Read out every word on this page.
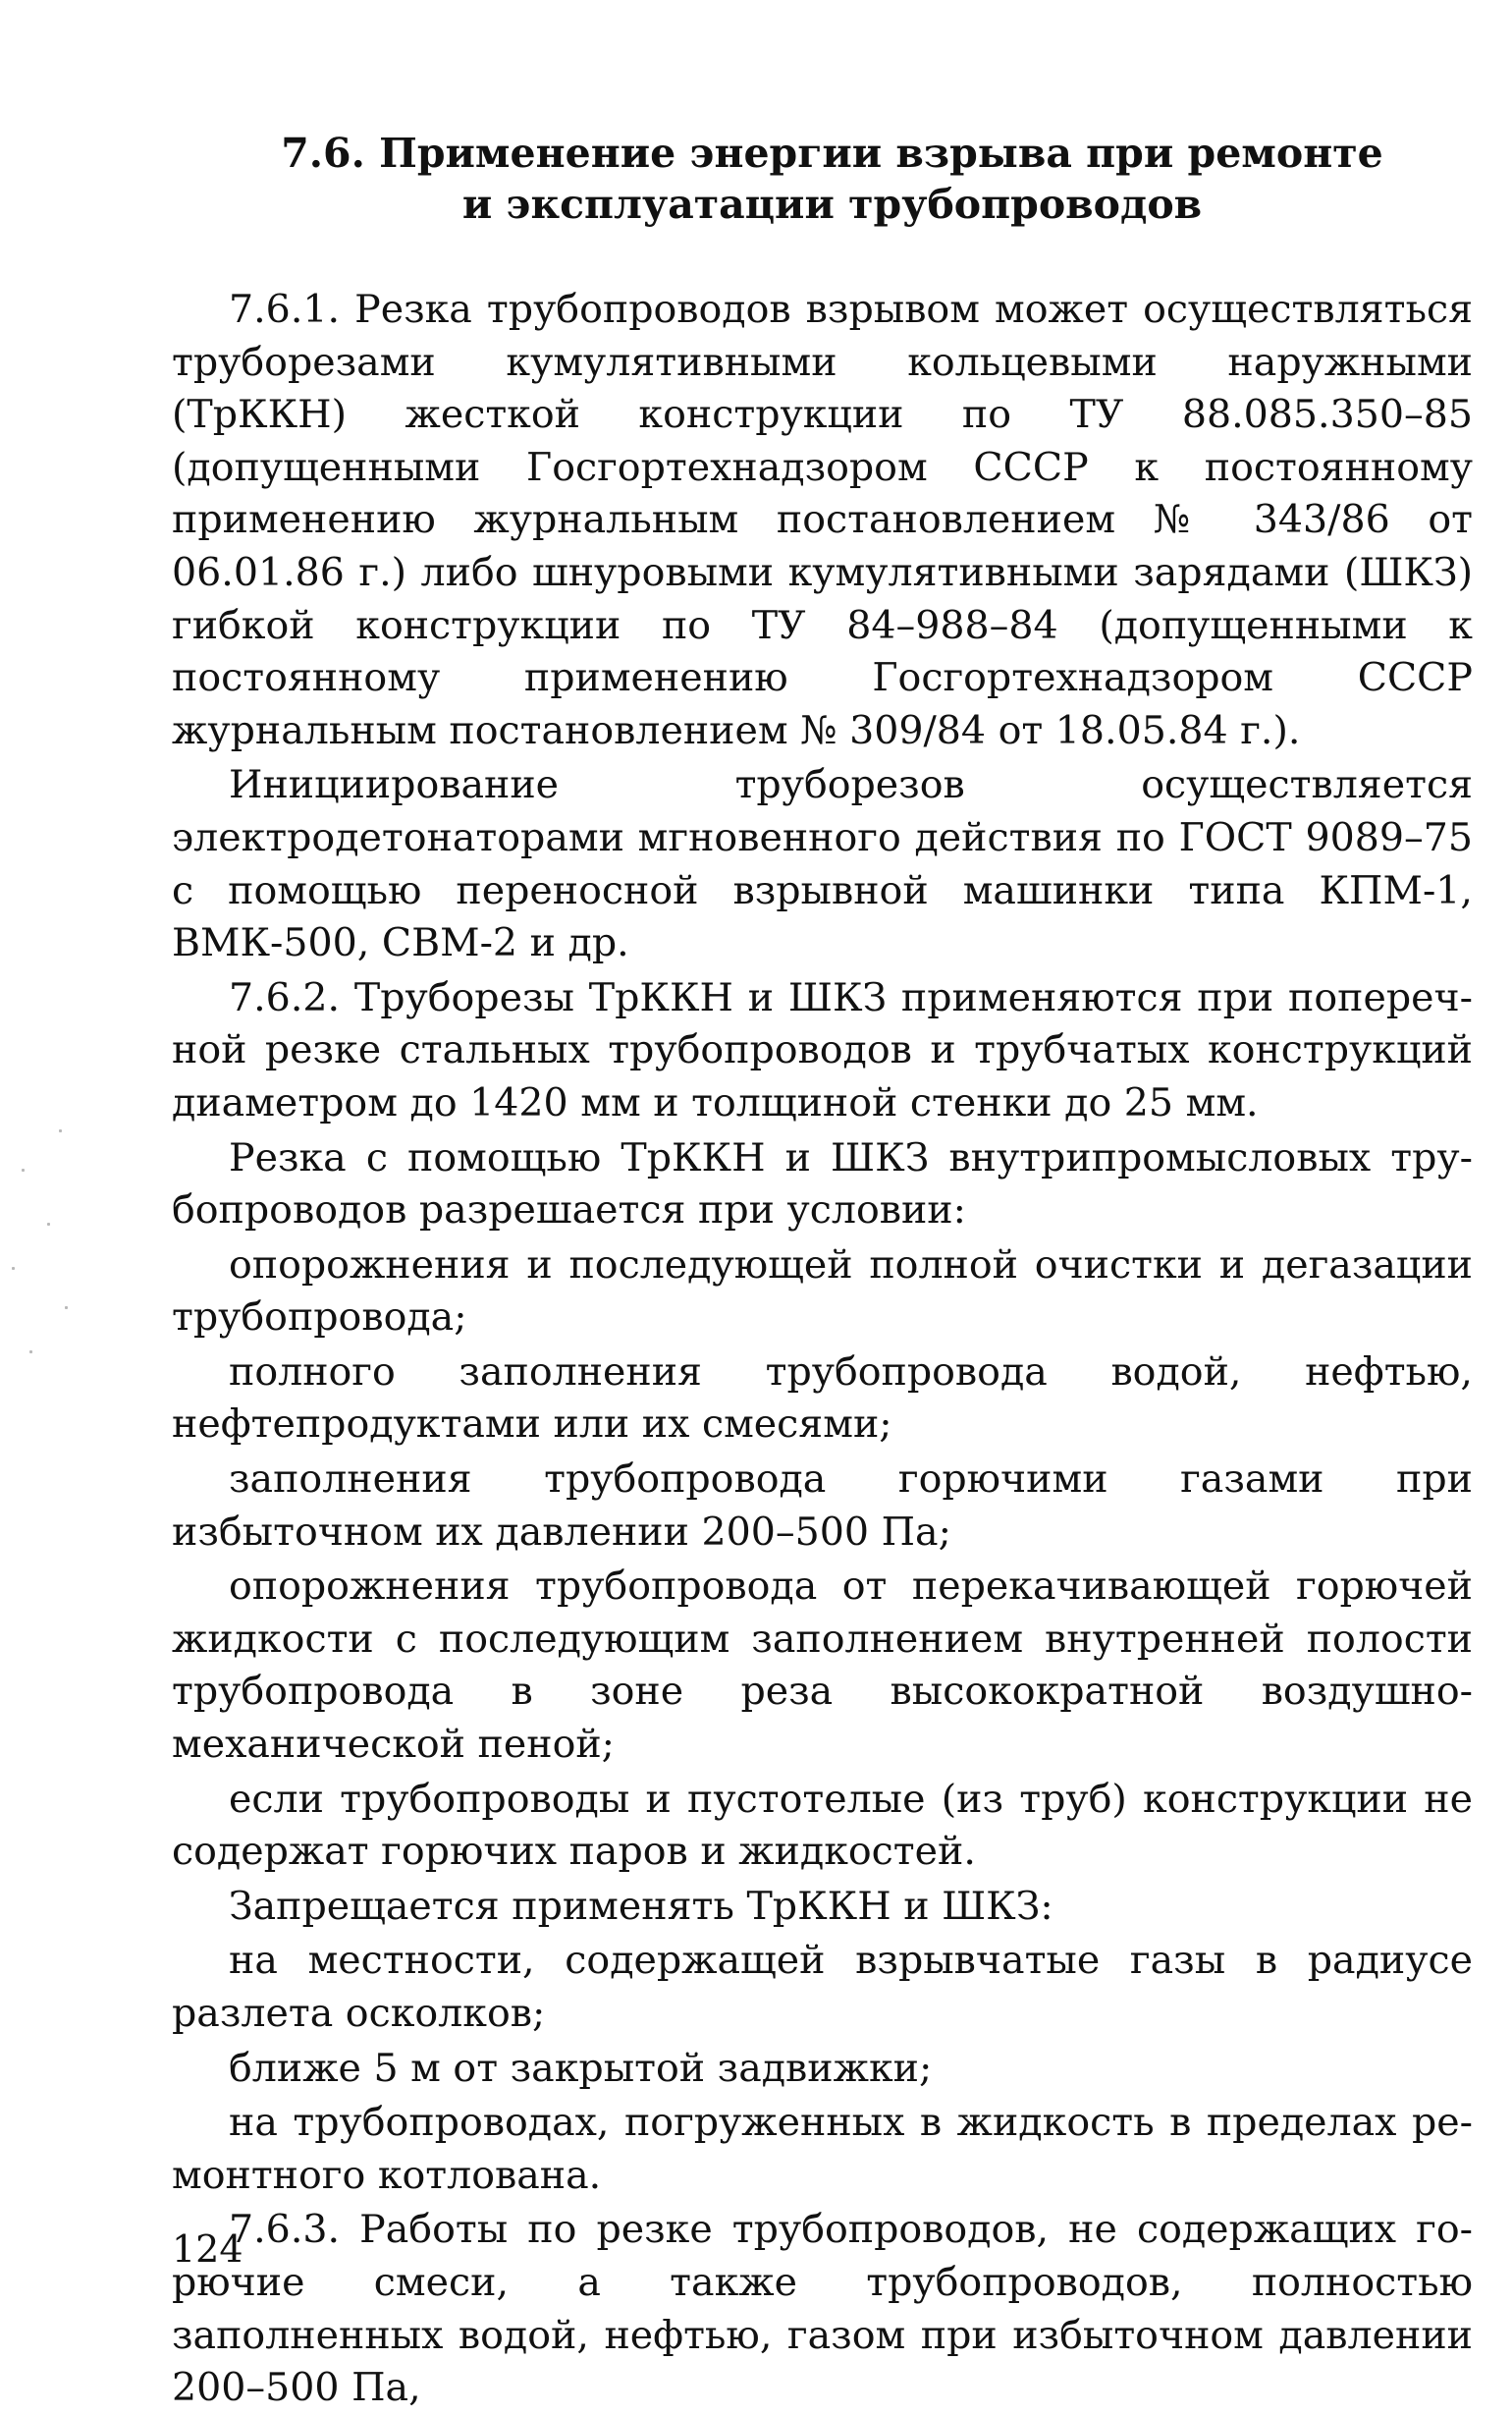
7.6. Применение энергии взрыва при ремонте
и эксплуатации трубопроводов

7.6.1. Резка трубопроводов взрывом может осуществляться труборезами кумулятивными кольцевыми наружными (ТрККН) жесткой конструкции по ТУ 88.085.350–85 (допущенными Госгортехнадзором СССР к постоянному применению журнальным постановлением № 343/86 от 06.01.86 г.) либо шнуровыми кумулятивными зарядами (ШКЗ) гибкой конструкции по ТУ 84–988–84 (допущенными к постоянному применению Госгортехнадзором СССР журнальным постановлением № 309/84 от 18.05.84 г.).

Инициирование труборезов осуществляется электродетонаторами мгновенного действия по ГОСТ 9089–75 с помощью переносной взрывной машинки типа КПМ-1, ВМК-500, СВМ-2 и др.

7.6.2. Труборезы ТрККН и ШКЗ применяются при поперечной резке стальных трубопроводов и трубчатых конструкций диаметром до 1420 мм и толщиной стенки до 25 мм.

Резка с помощью ТрККН и ШКЗ внутрипромысловых трубопроводов разрешается при условии:

опорожнения и последующей полной очистки и дегазации трубопровода;

полного заполнения трубопровода водой, нефтью, нефтепродуктами или их смесями;

заполнения трубопровода горючими газами при избыточном их давлении 200–500 Па;

опорожнения трубопровода от перекачивающей горючей жидкости с последующим заполнением внутренней полости трубопровода в зоне реза высокократной воздушно-механической пеной;

если трубопроводы и пустотелые (из труб) конструкции не содержат горючих паров и жидкостей.

Запрещается применять ТрККН и ШКЗ:

на местности, содержащей взрывчатые газы в радиусе разлета осколков;

ближе 5 м от закрытой задвижки;

на трубопроводах, погруженных в жидкость в пределах ремонтного котлована.

7.6.3. Работы по резке трубопроводов, не содержащих горючие смеси, а также трубопроводов, полностью заполненных водой, нефтью, газом при избыточном давлении 200–500 Па,

124
